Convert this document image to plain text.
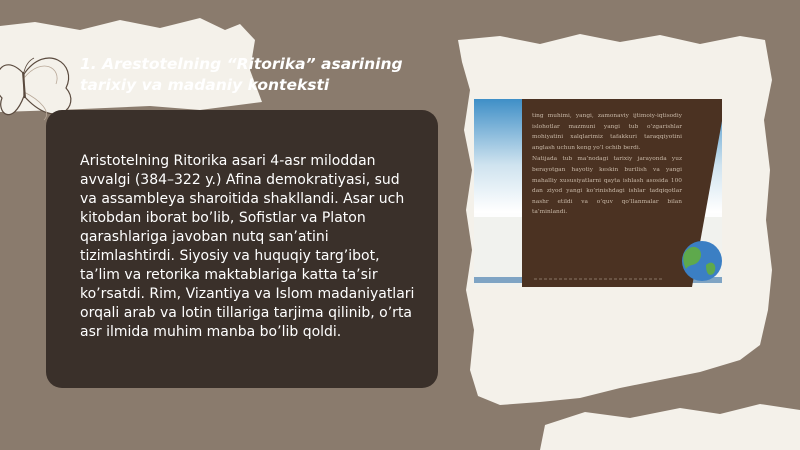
1. Arestotelning “Ritorika” asarining
tarixiy va madaniy konteksti

Aristotelning Ritorika asari 4-asr miloddan avvalgi (384–322 y.) Afina demokratiyasi, sud va assambleya sharoitida shakllandi. Asar uch kitobdan iborat bo’lib, Sofistlar va Platon qarashlariga javoban nutq san’atini tizimlashtirdi. Siyosiy va huquqiy targ’ibot, ta’lim va retorika maktablariga katta ta’sir ko’rsatdi. Rim, Vizantiya va Islom madaniyatlari orqali arab va lotin tillariga tarjima qilinib, o’rta asr ilmida muhim manba bo’lib qoldi.

ting muhimi, yangi, zamonaviy ijtimoiy-iqtisodiy islohotlar mazmuni yangi tub o’zgarishlar mohiyatini xalqlarimiz tafakkuri taraqqiyotini anglash uchun keng yo’l ochib berdi.

Natijada tub ma’nodagi tarixiy jarayonda yuz berayotgan hayotiy keskin burilish va yangi mahalliy xususiyatlarni qayta ishlash asosida 100 dan ziyod yangi ko’rinishdagi ishlar tadqiqotlar nashr etildi va o’quv qo’llanmalar bilan ta’minlandi.
